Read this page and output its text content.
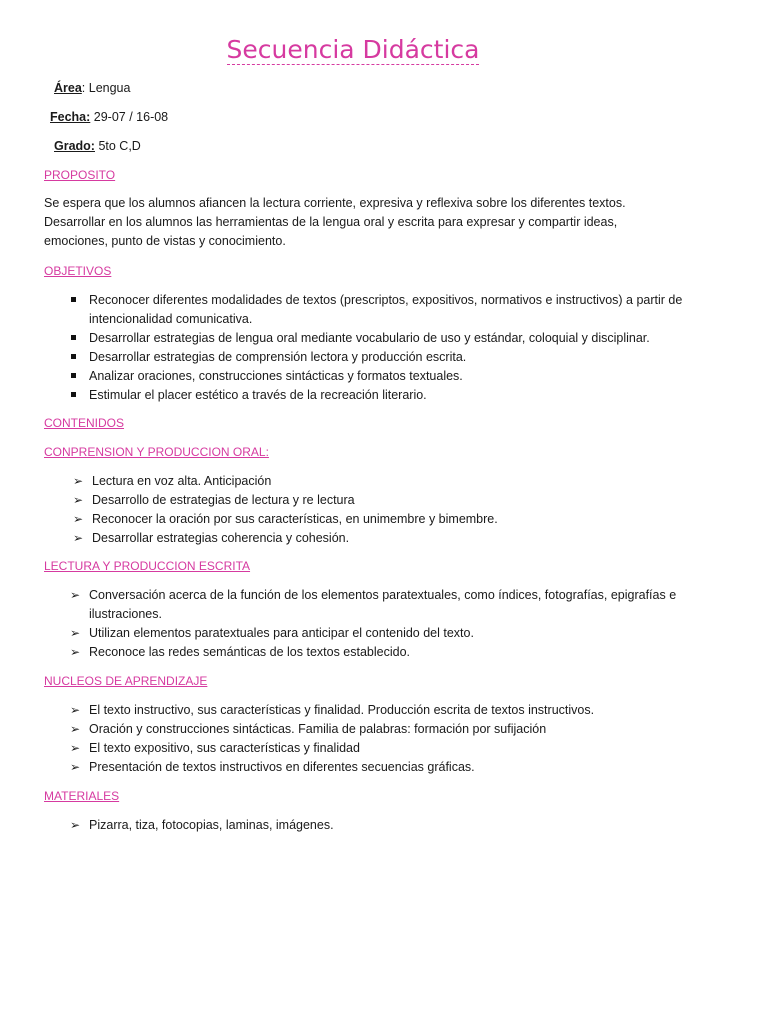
Secuencia Didáctica
Área: Lengua
Fecha: 29-07 / 16-08
Grado: 5to C,D
PROPOSITO
Se espera que los alumnos afiancen la lectura corriente, expresiva y reflexiva sobre los diferentes textos. Desarrollar en los alumnos las herramientas de la lengua oral y escrita para expresar y compartir ideas, emociones, punto de vistas y conocimiento.
OBJETIVOS
Reconocer diferentes modalidades de textos (prescriptos, expositivos, normativos e instructivos) a partir de intencionalidad comunicativa.
Desarrollar estrategias de lengua oral mediante vocabulario de uso y estándar, coloquial y disciplinar.
Desarrollar estrategias de comprensión lectora y producción escrita.
Analizar oraciones, construcciones sintácticas y formatos textuales.
Estimular el placer estético a través de la recreación literario.
CONTENIDOS
CONPRENSION Y PRODUCCION ORAL:
➢ Lectura en voz alta. Anticipación
➢ Desarrollo de estrategias de lectura y re lectura
➢ Reconocer la oración por sus características, en unimembre y bimembre.
➢ Desarrollar estrategias coherencia y cohesión.
LECTURA Y PRODUCCION ESCRITA
➢ Conversación acerca de la función de los elementos paratextuales, como índices, fotografías, epigrafías e ilustraciones.
➢ Utilizan elementos paratextuales para anticipar el contenido del texto.
➢ Reconoce las redes semánticas de los textos establecido.
NUCLEOS DE APRENDIZAJE
➢ El texto instructivo, sus características y finalidad. Producción escrita de textos instructivos.
➢ Oración y construcciones sintácticas. Familia de palabras: formación por sufijación
➢ El texto expositivo, sus características y finalidad
➢ Presentación de textos instructivos en diferentes secuencias gráficas.
MATERIALES
➢ Pizarra, tiza, fotocopias, laminas, imágenes.
